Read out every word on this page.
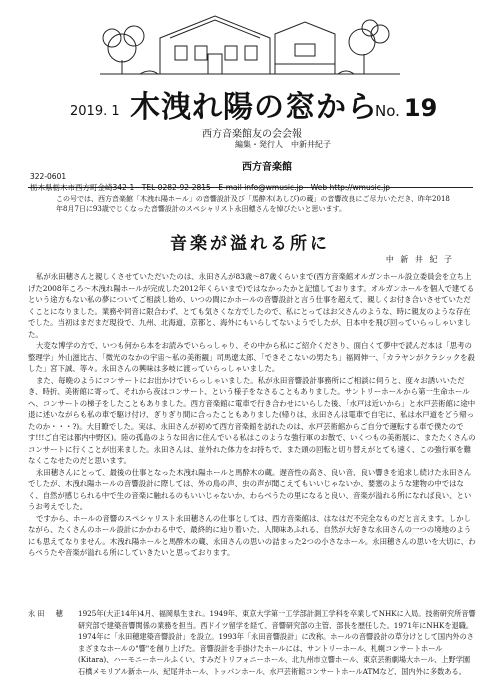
2019. 1 木洩れ陽の窓から
No. 19
西方音楽館友の会会報
編集・発行人　中新井紀子
西方音楽館
322-0601
この号では、西方音楽館「木洩れ陽ホール」の音響設計及び「馬酔木(あしび)の蔵」の音響改良にご尽力いただき、昨年2018年8月7日に93歳でじくなった音響設計のスペシャリスト永田穂さんを悼びたいと思います。
音楽が溢れる所に
中 新 井 紀 子

私が永田穂さんと親しくさせていただいたのは、永田さんが83歳〜87歳くらいまで(西方音楽館オルガンホール設立委員会を立ち上げた2008年ころ〜木洩れ陽ホールが完成した2012年くらいまで)ではなかったかと記憶しております。オルガンホールを個人で建てるという途方もない私の夢についてご相談し始め、いつの間にかホールの音響設計と言う仕事を超えて、親しくお付き合いさせていただくことになりました。業務や同音に限合わず、とても気さくな方でしたので、私にとってはお父さんのような、時に親友のような存在でした。当初はまだまだ現役で、九州、北海道、京都と、海外にもいらしてないようでしたが、日本中を飛び回っていらっしゃいました。

大変な博学の方で、いつも何から本をお読みでいらっしゃり、その中から私にご紹介くださり、面白くて夢中で読んだ本は「思考の整理学」外山滋比古、「微光のなかの宇宙〜私の美術観」司馬遼太郎、「できそこないの男たち」福岡伸一、「カラヤンがクラシックを殺した」宮下誠、等々。永田さんの興味は多岐に渡っていらっしゃいました。

また、毎晩のようにコンサートにお出かけでいらっしゃいました。私が永田音響設計事務所にご相談に伺うと、度々お誘いいただき、時折、美術館に寄って、それから夜はコンサート、という様子をなさることもありました。サントリーホールから第一生命ホールへ、コンサートの梯子をしたこともありました。西方音楽館に電車で行き合わせにいらした後、「水戸は近いから」と水戸芸術館に途中退に述いながらも私の車で駆け付け、ぎりぎり間に合ったこともありました(帰りは、永田さんは電車で自宅に、私は水戸道をどう帰ったのか・・・?)。大目瞭でした。実は、永田さんが初めて西方音楽館を訪れたのは、水戸芸術館からご自分で運転する車で僕たのです!!!ご自宅は都内中野区)。陸の孤島のような田舎に住んでいる私はこのような強行軍のお散で、いくつもの美術展に、またたくさんのコンサートに行くことが出来ました。永田さんは、並外れた体力をお持ちで、また頭の回転と切り替えがとても速く、この強行軍を難なくこなせたのだと思います。

永田穂さんにとって、最後の仕事となった木洩れ陽ホールと馬酔木の蔵。遅音性の高さ、良い音、良い響きを追求し続けた永田さんでしたが、木洩れ陽ホールの音響設計に際しては、外の鳥の声、虫の声が聞こえてもいいじゃないか、要塞のような建物の中ではなく、自然が感じられる中で生の音楽に触れるのもいいじゃないか、わらべうたの里になると良い、音楽が溢れる所になれば良い、というお考えでした。

ですから、ホールの音響のスペシャリスト永田穂さんの仕事としては、西方音楽館は、はなはだ不完全なものだと言えます。しかしながら、たくさんのホール設計にかかわる中で、最終的に辿り着いた、人間味あふれる、自然が大好きな永田さんの一つの境地のようにも思えてなりません。木洩れ陽ホールと馬酔木の蔵、永田さんの思いの詰まった2つの小さなホール。永田穂さんの思いを大切に、わらべうたや音楽が溢れる所にしていきたいと思っております。

永田　穂	1925年(大正14年)4月、福岡県生まれ。1949年、東京大学第一工学部計測工学科を卒業してNHKに入局。技術研究所音響研究部で建築音響関係の業務を担当。西ドイツ留学を経て、音響研究部の主管、部長を歴任した。1971年にNHKを退職。1974年に「永田穂建築音響設計」を設立。1993年「永田音響設計」に改称。ホールの音響設計の草分けとして国内外のさまざまなホールの"響"を創り上げた。音響設計を手掛けたホールには、サントリーホール、札幌コンサートホール(Kitara)、ハーモニーホールふくい、すみだトリフォニーホール、北九州市立響ホール、東京芸術劇場大ホール、上野学園石橋メモリアル新ホール、紀尾井ホール、トッパンホール、水戸芸術館コンサートホールATMなど、国内外に多数ある。
